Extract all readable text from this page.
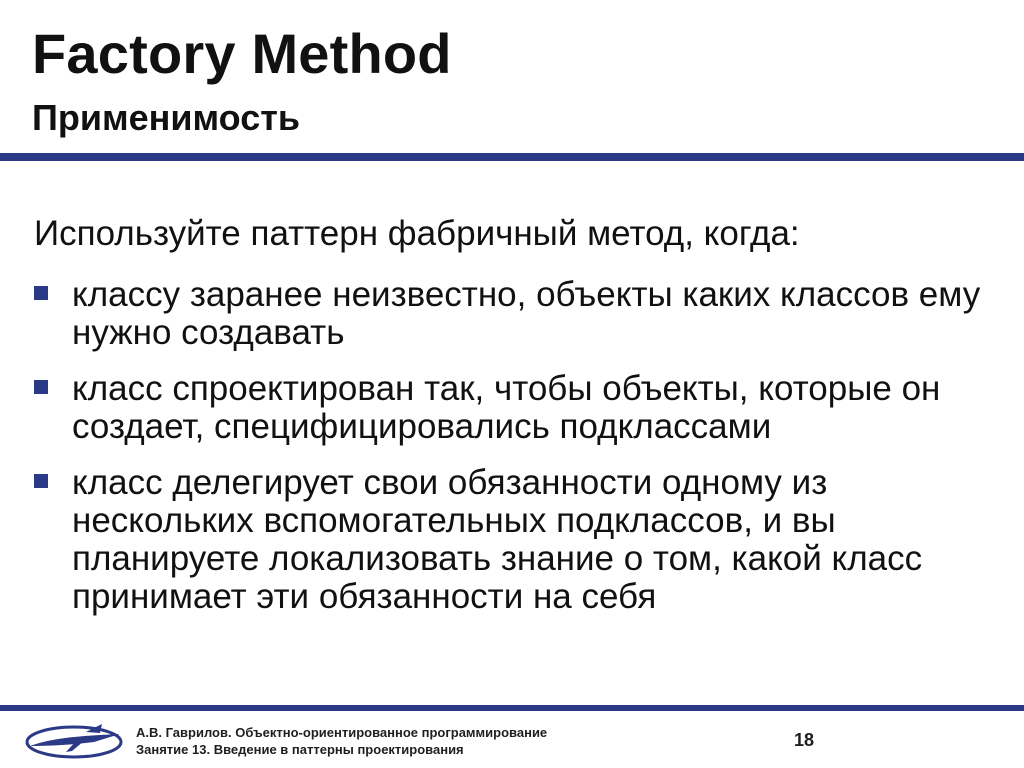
Factory Method
Применимость

Используйте паттерн фабричный метод, когда:

классу заранее неизвестно, объекты каких классов ему нужно создавать
класс спроектирован так, чтобы объекты, которые он создает, специфицировались подклассами
класс делегирует свои обязанности одному из нескольких вспомогательных подклассов, и вы планируете локализовать знание о том, какой класс принимает эти обязанности на себя
А.В. Гаврилов. Объектно-ориентированное программирование
Занятие 13. Введение в паттерны проектирования	18
